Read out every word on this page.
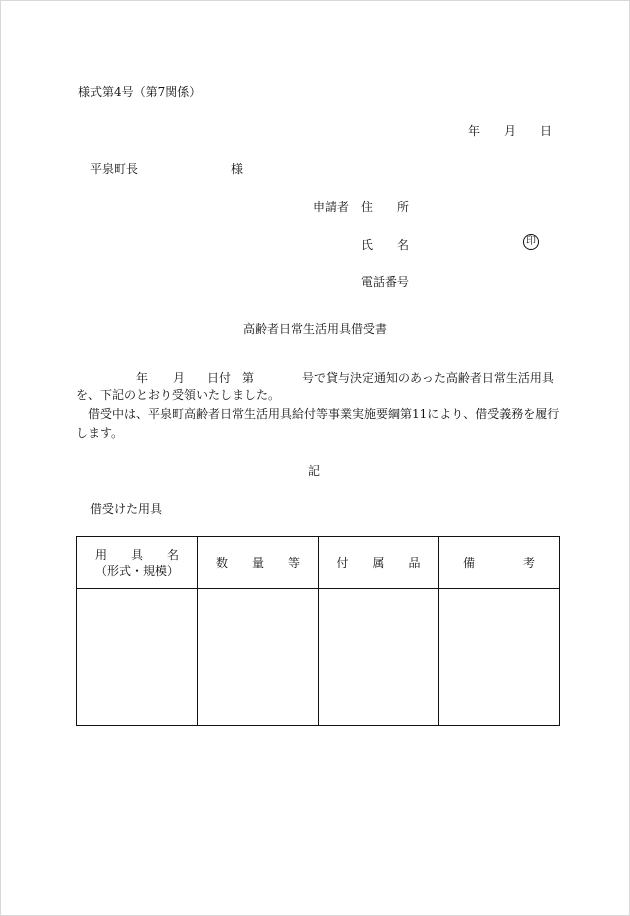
様式第4号（第7関係）
年 月 日
平泉町長	様
申請者 住　　所
氏　　名	印
電話番号
高齢者日常生活用具借受書
年 月 日付 第	号で貸与決定通知のあった高齢者日常生活用具
を、下記のとおり受領いたしました。
　借受中は、平泉町高齢者日常生活用具給付等事業実施要綱第11により、借受義務を履行
します。
記
借受けた用具
用　　具　　名
（形式・規模）	数　　量　　等	付　　属　　品	備　　　　考
